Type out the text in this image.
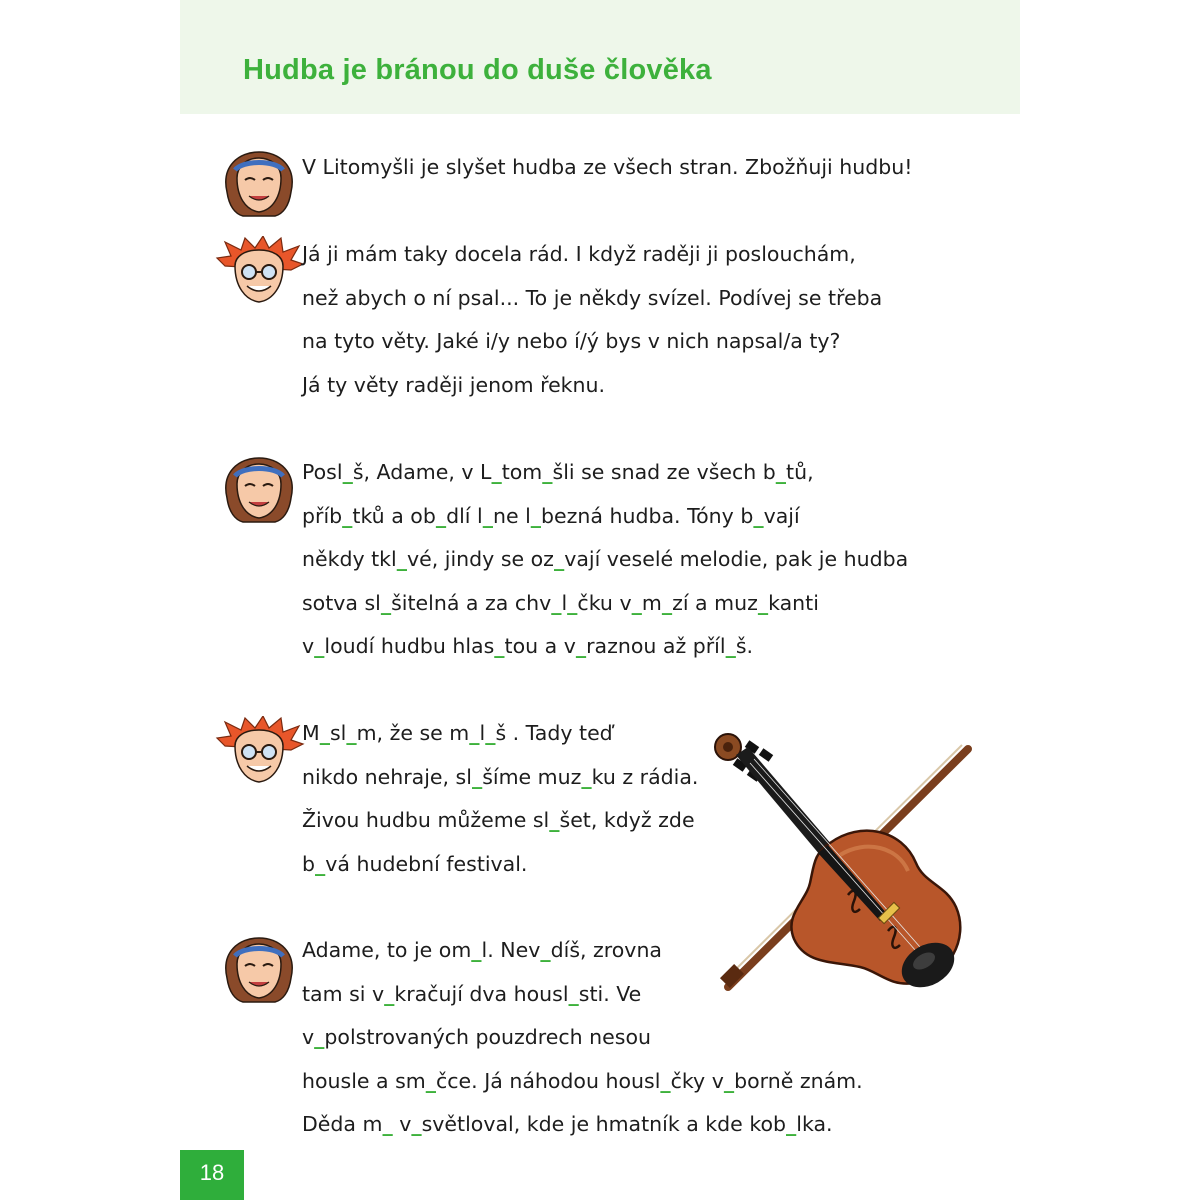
Hudba je bránou do duše člověka
V Litomyšli je slyšet hudba ze všech stran. Zbožňuji hudbu!
Já ji mám taky docela rád. I když raději ji poslouchám,
než abych o ní psal... To je někdy svízel. Podívej se třeba
na tyto věty. Jaké i/y nebo í/ý bys v nich napsal/a ty?
Já ty věty raději jenom řeknu.
Posl_š, Adame, v L_tom_šli se snad ze všech b_tů,
příb_tků a ob_dlí l_ne l_bezná hudba. Tóny b_vají
někdy tkl_vé, jindy se oz_vají veselé melodie, pak je hudba
sotva sl_šitelná a za chv_l_čku v_m_zí a muz_kanti
v_loudí hudbu hlas_tou a v_raznou až příl_š.
M_sl_m, že se m_l_š . Tady teď
nikdo nehraje, sl_šíme muz_ku z rádia.
Živou hudbu můžeme sl_šet, když zde
b_vá hudební festival.
Adame, to je om_l. Nev_díš, zrovna
tam si v_kračují dva housl_sti. Ve
v_polstrovaných pouzdrech nesou
housle a sm_čce. Já náhodou housl_čky v_borně znám.
Děda m_ v_světloval, kde je hmatník a kde kob_lka.
18
